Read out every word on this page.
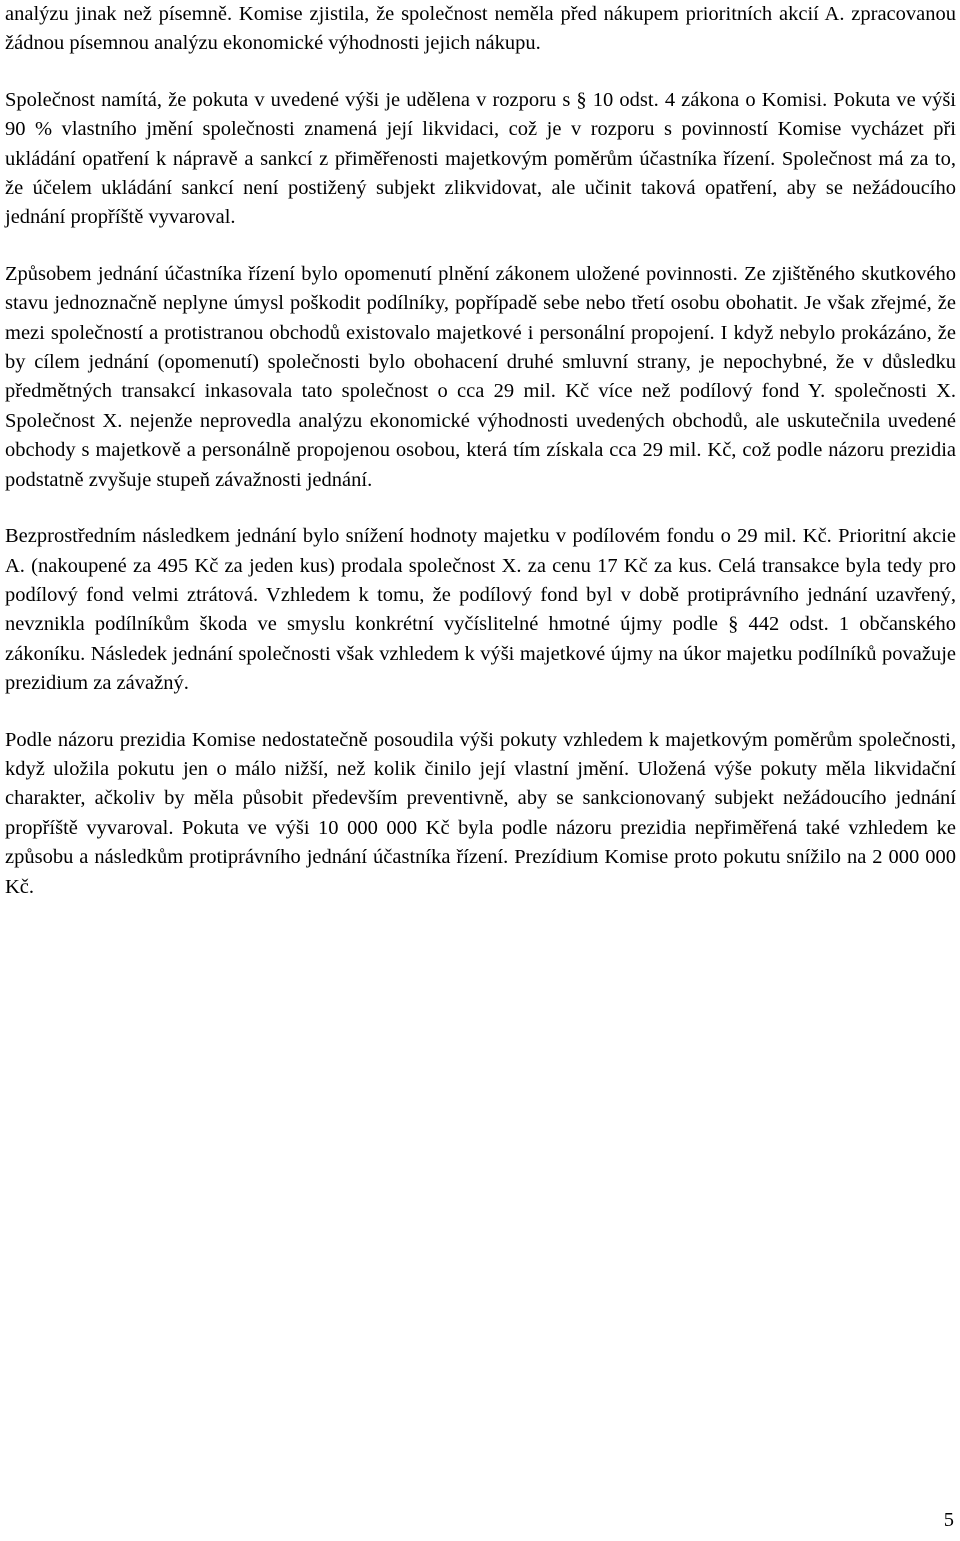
analýzu jinak než písemně. Komise zjistila, že společnost neměla před nákupem prioritních akcií A. zpracovanou žádnou písemnou analýzu ekonomické výhodnosti jejich nákupu.

Společnost namítá, že pokuta v uvedené výši je udělena v rozporu s § 10 odst. 4 zákona o Komisi. Pokuta ve výši 90 % vlastního jmění společnosti znamená její likvidaci, což je v rozporu s povinností Komise vycházet při ukládání opatření k nápravě a sankcí z přiměřenosti majetkovým poměrům účastníka řízení. Společnost má za to, že účelem ukládání sankcí není postižený subjekt zlikvidovat, ale učinit taková opatření, aby se nežádoucího jednání propříště vyvaroval.

Způsobem jednání účastníka řízení bylo opomenutí plnění zákonem uložené povinnosti. Ze zjištěného skutkového stavu jednoznačně neplyne úmysl poškodit podílníky, popřípadě sebe nebo třetí osobu obohatit. Je však zřejmé, že mezi společností a protistranou obchodů existovalo majetkové i personální propojení. I když nebylo prokázáno, že by cílem jednání (opomenutí) společnosti bylo obohacení druhé smluvní strany, je nepochybné, že v důsledku předmětných transakcí inkasovala tato společnost o cca 29 mil. Kč více než podílový fond Y. společnosti X. Společnost X. nejenže neprovedla analýzu ekonomické výhodnosti uvedených obchodů, ale uskutečnila uvedené obchody s majetkově a personálně propojenou osobou, která tím získala cca 29 mil. Kč, což podle názoru prezidia podstatně zvyšuje stupeň závažnosti jednání.

Bezprostředním následkem jednání bylo snížení hodnoty majetku v podílovém fondu o 29 mil. Kč. Prioritní akcie A. (nakoupené za 495 Kč za jeden kus) prodala společnost X. za cenu 17 Kč za kus. Celá transakce byla tedy pro podílový fond velmi ztrátová. Vzhledem k tomu, že podílový fond byl v době protiprávního jednání uzavřený, nevznikla podílníkům škoda ve smyslu konkrétní vyčíslitelné hmotné újmy podle § 442 odst. 1 občanského zákoníku. Následek jednání společnosti však vzhledem k výši majetkové újmy na úkor majetku podílníků považuje prezidium za závažný.

Podle názoru prezidia Komise nedostatečně posoudila výši pokuty vzhledem k majetkovým poměrům společnosti, když uložila pokutu jen o málo nižší, než kolik činilo její vlastní jmění. Uložená výše pokuty měla likvidační charakter, ačkoliv by měla působit především preventivně, aby se sankcionovaný subjekt nežádoucího jednání propříště vyvaroval. Pokuta ve výši 10 000 000 Kč byla podle názoru prezidia nepřiměřená také vzhledem ke způsobu a následkům protiprávního jednání účastníka řízení. Prezídium Komise proto pokutu snížilo na 2 000 000 Kč.

5
